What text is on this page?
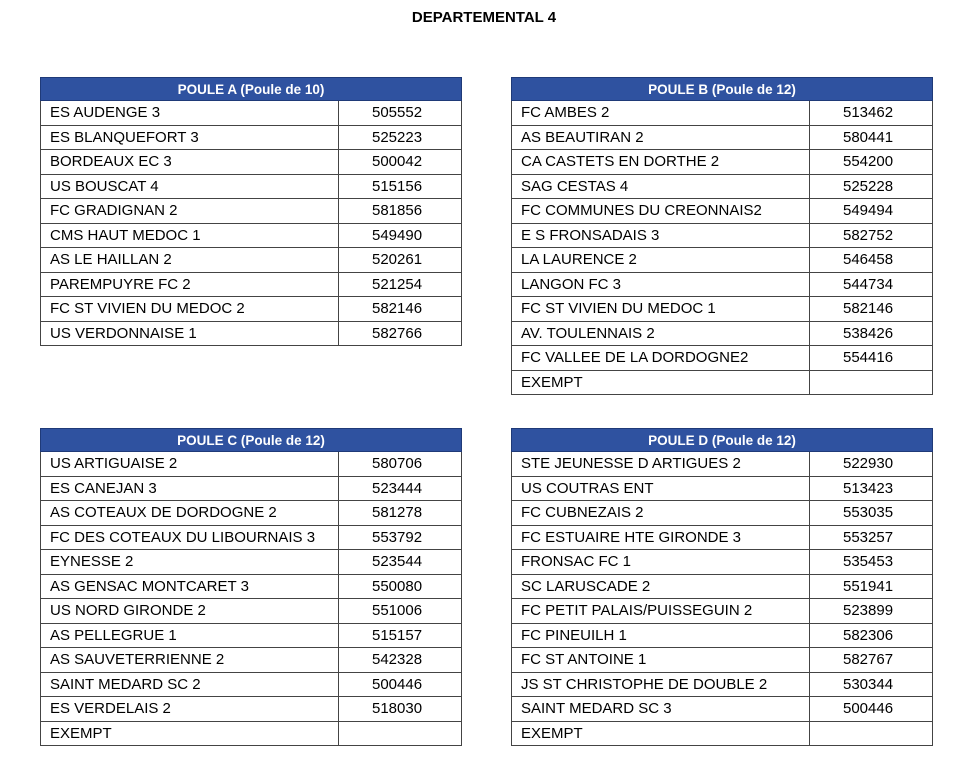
DEPARTEMENTAL 4
POULE A (Poule de 10)	
ES AUDENGE 3	505552
ES BLANQUEFORT 3	525223
BORDEAUX EC 3	500042
US BOUSCAT 4	515156
FC GRADIGNAN 2	581856
CMS HAUT MEDOC 1	549490
AS LE HAILLAN 2	520261
PAREMPUYRE FC 2	521254
FC ST VIVIEN DU MEDOC 2	582146
US VERDONNAISE 1	582766
POULE B (Poule de 12)	
FC AMBES 2	513462
AS BEAUTIRAN 2	580441
CA CASTETS EN DORTHE 2	554200
SAG CESTAS 4	525228
FC COMMUNES DU CREONNAIS2	549494
E S FRONSADAIS 3	582752
LA LAURENCE 2	546458
LANGON FC 3	544734
FC ST VIVIEN DU MEDOC 1	582146
AV. TOULENNAIS 2	538426
FC VALLEE DE LA DORDOGNE2	554416
EXEMPT	
POULE C (Poule de 12)	
US ARTIGUAISE 2	580706
ES CANEJAN 3	523444
AS COTEAUX DE DORDOGNE 2	581278
FC DES COTEAUX DU LIBOURNAIS 3	553792
EYNESSE 2	523544
AS GENSAC MONTCARET 3	550080
US NORD GIRONDE 2	551006
AS PELLEGRUE 1	515157
AS SAUVETERRIENNE 2	542328
SAINT MEDARD SC 2	500446
ES VERDELAIS 2	518030
EXEMPT	
POULE D (Poule de 12)	
STE JEUNESSE D ARTIGUES 2	522930
US COUTRAS ENT	513423
FC CUBNEZAIS 2	553035
FC ESTUAIRE HTE GIRONDE 3	553257
FRONSAC FC 1	535453
SC LARUSCADE 2	551941
FC PETIT PALAIS/PUISSEGUIN 2	523899
FC PINEUILH 1	582306
FC ST ANTOINE 1	582767
JS ST CHRISTOPHE DE DOUBLE 2	530344
SAINT MEDARD SC 3	500446
EXEMPT	
